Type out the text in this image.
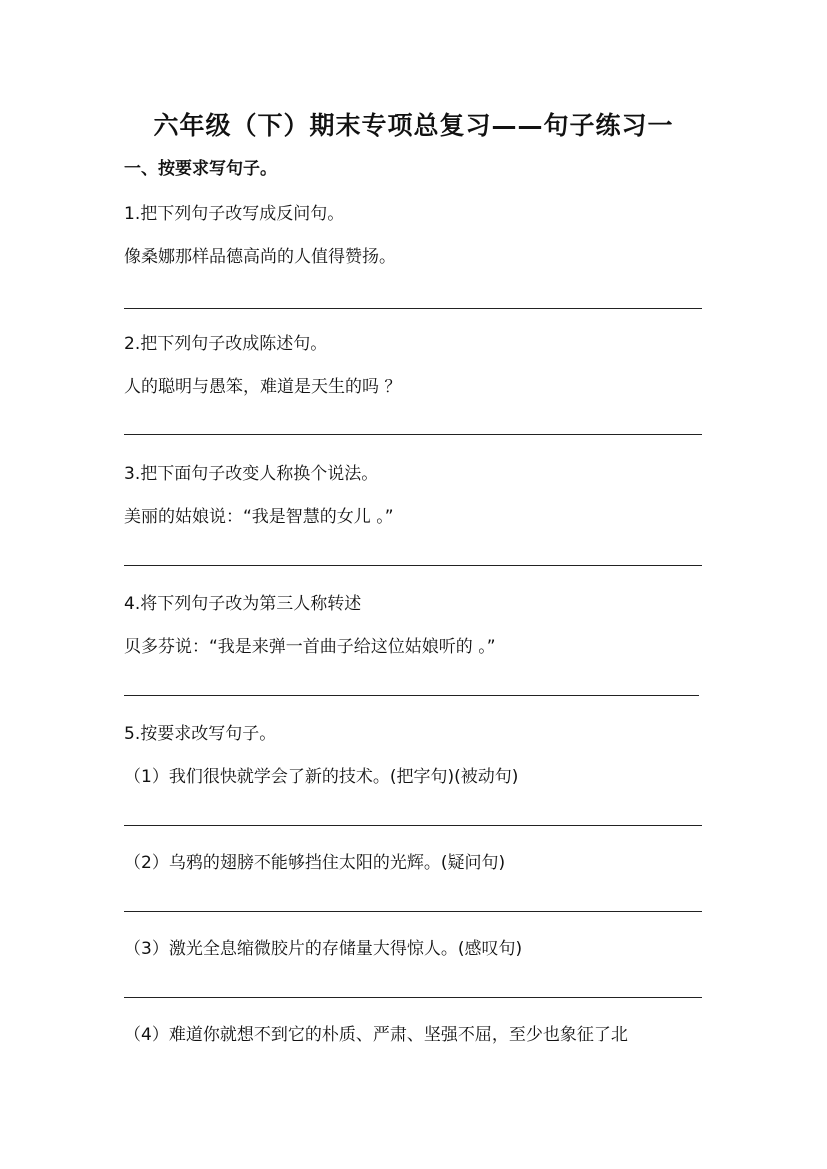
六年级（下）期末专项总复习——句子练习一
一、按要求写句子。
1.把下列句子改写成反问句。
像桑娜那样品德高尚的人值得赞扬。
2.把下列句子改成陈述句。
人的聪明与愚笨，难道是天生的吗 ？
3.把下面句子改变人称换个说法。
美丽的姑娘说：“我是智慧的女儿 。”
4.将下列句子改为第三人称转述
贝多芬说：“我是来弹一首曲子给这位姑娘听的 。”
5.按要求改写句子。
（1）我们很快就学会了新的技术。(把字句)(被动句)
（2）乌鸦的翅膀不能够挡住太阳的光辉。(疑问句)
（3）激光全息缩微胶片的存储量大得惊人。(感叹句)
（4）难道你就想不到它的朴质、严肃、坚强不屈，至少也象征了北
